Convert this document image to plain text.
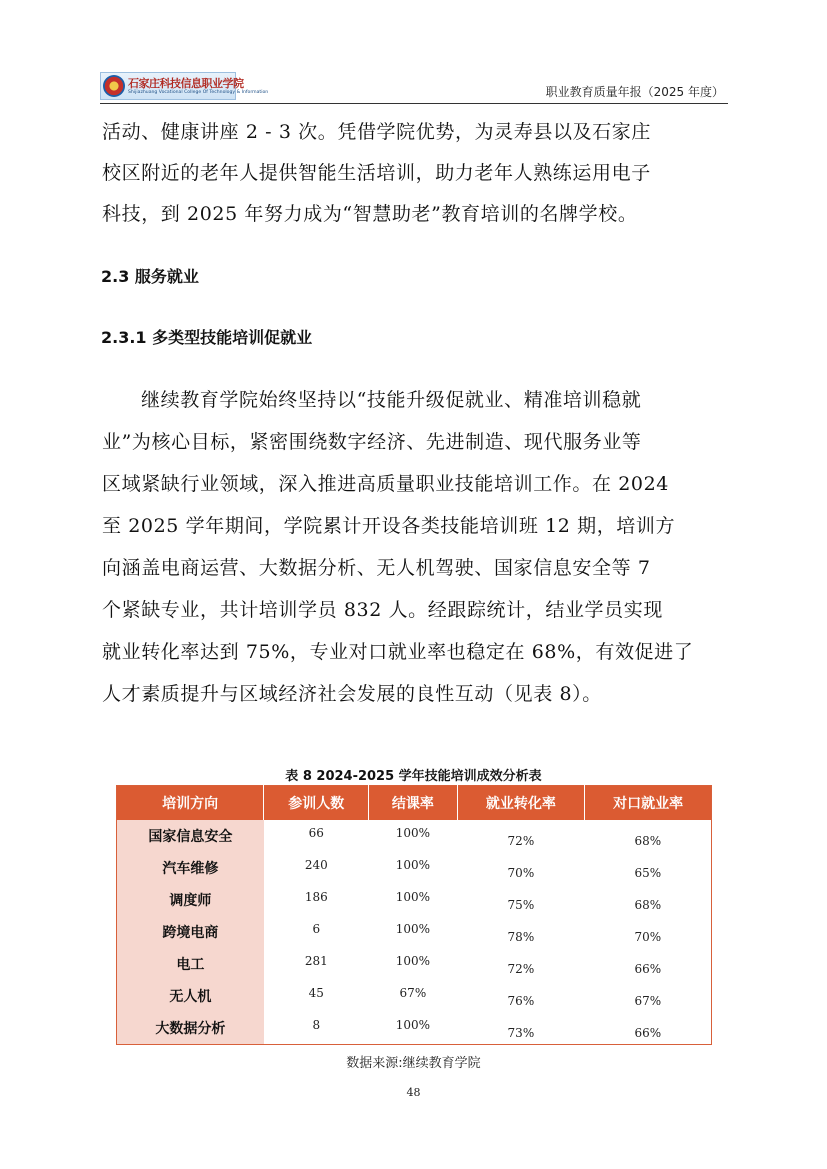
石家庄科技信息职业学院
Shijiazhuang Vocational College Of Technology & Information	职业教育质量年报（2025 年度）
活动、健康讲座 2 - 3 次。凭借学院优势，为灵寿县以及石家庄
校区附近的老年人提供智能生活培训，助力老年人熟练运用电子
科技，到 2025 年努力成为“智慧助老”教育培训的名牌学校。
2.3 服务就业
2.3.1 多类型技能培训促就业
继续教育学院始终坚持以“技能升级促就业、精准培训稳就
业”为核心目标，紧密围绕数字经济、先进制造、现代服务业等
区域紧缺行业领域，深入推进高质量职业技能培训工作。在 2024
至 2025 学年期间，学院累计开设各类技能培训班 12 期，培训方
向涵盖电商运营、大数据分析、无人机驾驶、国家信息安全等 7
个紧缺专业，共计培训学员 832 人。经跟踪统计，结业学员实现
就业转化率达到 75%，专业对口就业率也稳定在 68%，有效促进了
人才素质提升与区域经济社会发展的良性互动（见表 8）。
表 8 2024-2025 学年技能培训成效分析表
培训方向	参训人数	结课率	就业转化率	对口就业率
国家信息安全	66	100%	72%	68%
汽车维修	240	100%	70%	65%
调度师	186	100%	75%	68%
跨境电商	6	100%	78%	70%
电工	281	100%	72%	66%
无人机	45	67%	76%	67%
大数据分析	8	100%	73%	66%
数据来源:继续教育学院
48
